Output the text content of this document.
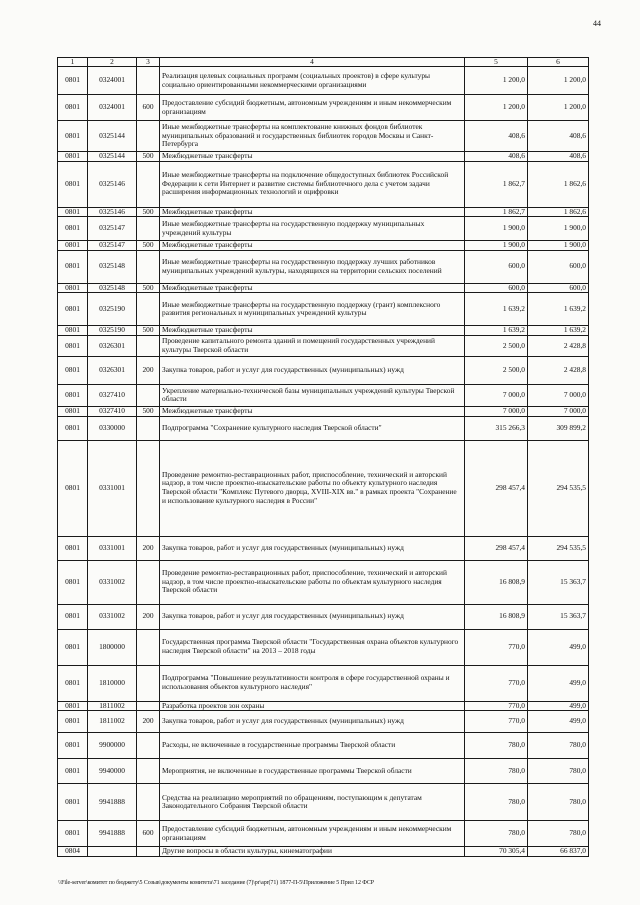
44
1	2	3	4	5	6
0801	0324001		Реализация целевых социальных программ (социальных проектов) в сфере культуры социально ориентированными некоммерческими организациями	1 200,0	1 200,0
0801	0324001	600	Предоставление субсидий бюджетным, автономным учреждениям и иным некоммерческим организациям	1 200,0	1 200,0
0801	0325144		Иные межбюджетные трансферты на комплектование книжных фондов библиотек муниципальных образований и государственных библиотек городов Москвы и Санкт-Петербурга	408,6	408,6
0801	0325144	500	Межбюджетные трансферты	408,6	408,6
0801	0325146		Иные межбюджетные трансферты на подключение общедоступных библиотек Российской Федерации к сети Интернет и развитие системы библиотечного дела с учетом задачи расширения информационных технологий и оцифровки	1 862,7	1 862,6
0801	0325146	500	Межбюджетные трансферты	1 862,7	1 862,6
0801	0325147		Иные межбюджетные трансферты на государственную поддержку муниципальных учреждений культуры	1 900,0	1 900,0
0801	0325147	500	Межбюджетные трансферты	1 900,0	1 900,0
0801	0325148		Иные межбюджетные трансферты на государственную поддержку лучших работников муниципальных учреждений культуры, находящихся на территории сельских поселений	600,0	600,0
0801	0325148	500	Межбюджетные трансферты	600,0	600,0
0801	0325190		Иные межбюджетные трансферты на государственную поддержку (грант) комплексного развития региональных и муниципальных учреждений культуры	1 639,2	1 639,2
0801	0325190	500	Межбюджетные трансферты	1 639,2	1 639,2
0801	0326301		Проведение капитального ремонта зданий и помещений государственных учреждений культуры Тверской области	2 500,0	2 428,8
0801	0326301	200	Закупка товаров, работ и услуг для государственных (муниципальных) нужд	2 500,0	2 428,8
0801	0327410		Укрепление материально-технической базы муниципальных учреждений культуры Тверской области	7 000,0	7 000,0
0801	0327410	500	Межбюджетные трансферты	7 000,0	7 000,0
0801	0330000		Подпрограмма "Сохранение культурного наследия Тверской области"	315 266,3	309 899,2
0801	0331001		Проведение ремонтно-реставрационных работ, приспособление, технический и авторский надзор, в том числе проектно-изыскательские работы по объекту культурного наследия Тверской области "Комплекс Путевого дворца, XVIII-XIX вв." в рамках проекта "Сохранение и использование культурного наследия в России"	298 457,4	294 535,5
0801	0331001	200	Закупка товаров, работ и услуг для государственных (муниципальных) нужд	298 457,4	294 535,5
0801	0331002		Проведение ремонтно-реставрационных работ, приспособление, технический и авторский надзор, в том числе проектно-изыскательские работы по объектам культурного наследия Тверской области	16 808,9	15 363,7
0801	0331002	200	Закупка товаров, работ и услуг для государственных (муниципальных) нужд	16 808,9	15 363,7
0801	1800000		Государственная программа Тверской области "Государственная охрана объектов культурного наследия Тверской области" на 2013 – 2018 годы	770,0	499,0
0801	1810000		Подпрограмма "Повышение результативности контроля в сфере государственной охраны и использования объектов культурного наследия"	770,0	499,0
0801	1811002		Разработка проектов зон охраны	770,0	499,0
0801	1811002	200	Закупка товаров, работ и услуг для государственных (муниципальных) нужд	770,0	499,0
0801	9900000		Расходы, не включенные в государственные программы Тверской области	780,0	780,0
0801	9940000		Мероприятия, не включенные в государственные программы Тверской области	780,0	780,0
0801	9941888		Средства на реализацию мероприятий по обращениям, поступающим к депутатам Законодательного Собрания Тверской области	780,0	780,0
0801	9941888	600	Предоставление субсидий бюджетным, автономным учреждениям и иным некоммерческим организациям	780,0	780,0
0804			Другие вопросы в области культуры, кинематографии	70 305,4	66 837,0
\\File-server\комитет по бюджету\5 Созыв\документы комитета\71 заседание (7)\pr\apr(71) 1877-П-5\Приложение 5 Прил 12 ФСР
